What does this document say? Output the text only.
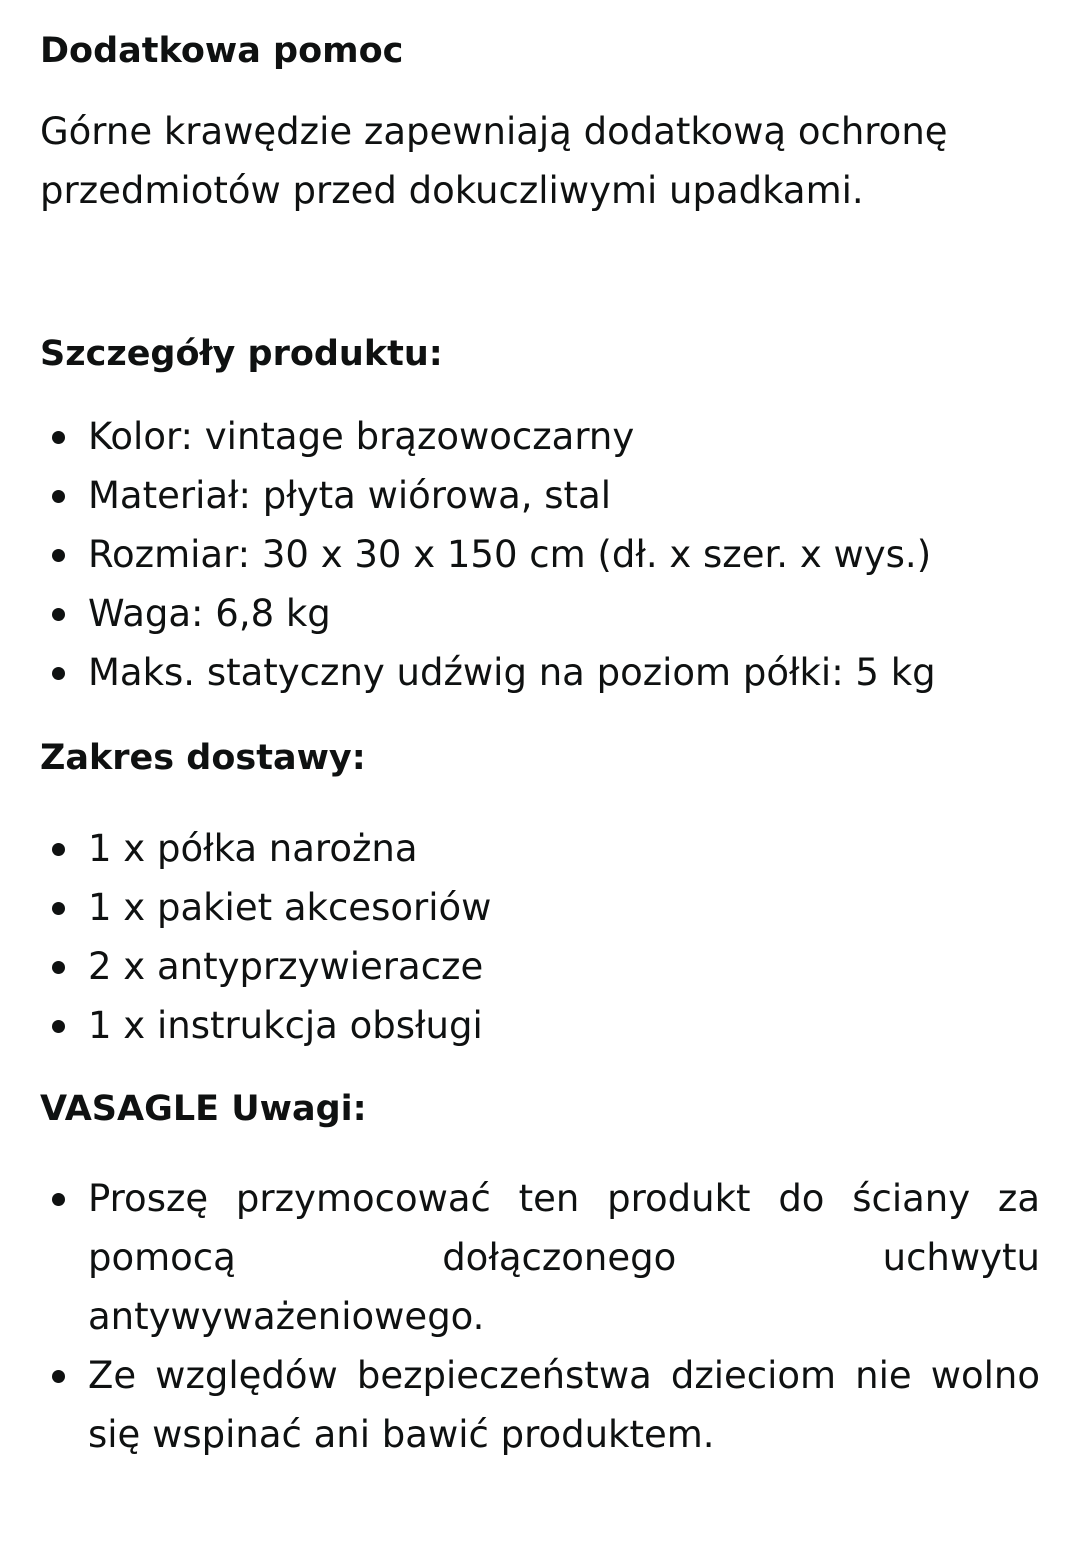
Dodatkowa pomoc

Górne krawędzie zapewniają dodatkową ochronę przedmiotów przed dokuczliwymi upadkami.

Szczegóły produktu:
Kolor: vintage brązowoczarny
Materiał: płyta wiórowa, stal
Rozmiar: 30 x 30 x 150 cm (dł. x szer. x wys.)
Waga: 6,8 kg
Maks. statyczny udźwig na poziom półki: 5 kg
Zakres dostawy:
1 x półka narożna
1 x pakiet akcesoriów
2 x antyprzywieracze
1 x instrukcja obsługi
VASAGLE Uwagi:
Proszę przymocować ten produkt do ściany za pomocą dołączonego uchwytu antywyważeniowego.
Ze względów bezpieczeństwa dzieciom nie wolno się wspinać ani bawić produktem.
